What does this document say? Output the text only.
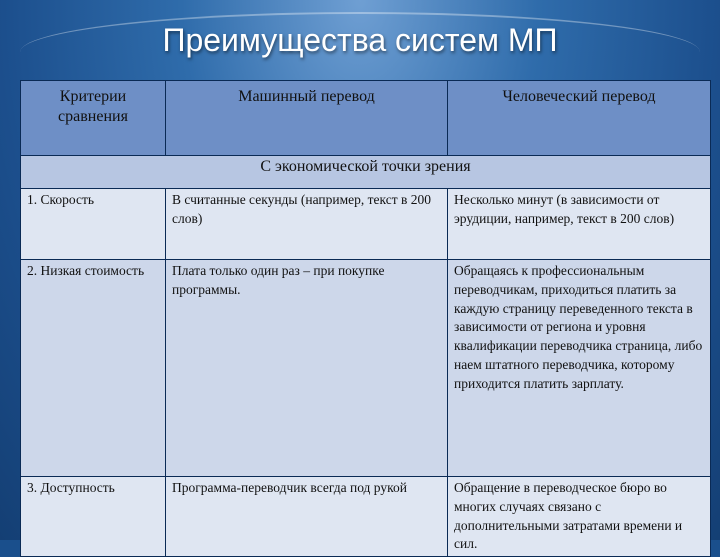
Преимущества систем МП
Критерии сравнения	Машинный перевод	Человеческий перевод
С экономической точки зрения		
1. Скорость	В считанные секунды (например, текст в 200 слов)	Несколько минут (в зависимости от эрудиции, например, текст в 200 слов)
2. Низкая стоимость	Плата только один раз – при покупке программы.	Обращаясь к профессиональным переводчикам, приходиться платить за каждую страницу переведенного текста в зависимости от региона и уровня квалификации переводчика страница, либо наем штатного переводчика, которому приходится платить зарплату.
3. Доступность	Программа-переводчик всегда под рукой	Обращение в переводческое бюро во многих случаях связано с дополнительными затратами времени и сил.
